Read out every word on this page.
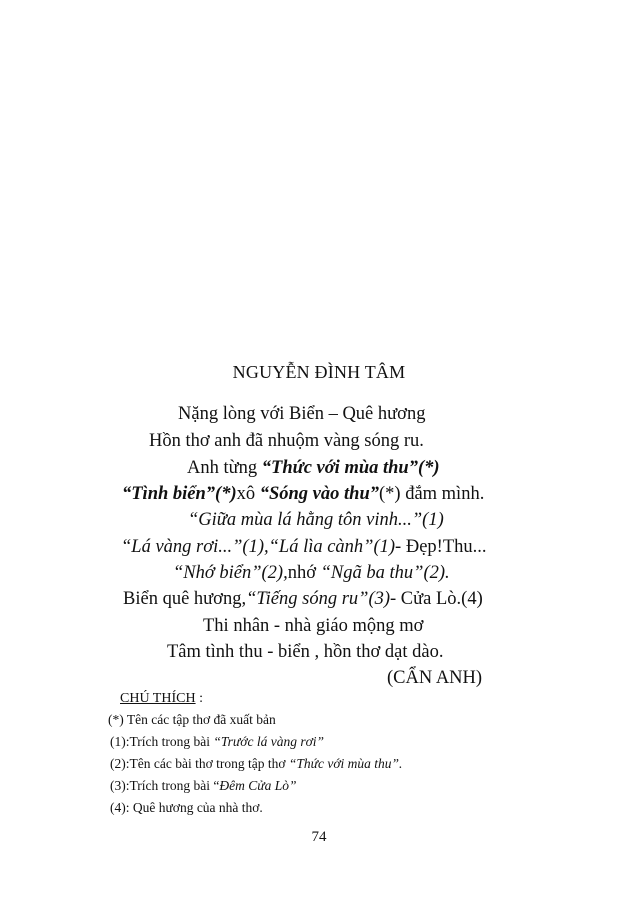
NGUYỄN ĐÌNH TÂM
Nặng lòng với Biển – Quê hương
Hồn thơ anh đã nhuộm vàng sóng ru.
Anh từng “Thức với mùa thu”(*)
“Tình biển”(*)xô “Sóng vào thu”(*) đắm mình.
“Giữa mùa lá hằng tôn vinh...”(1)
“Lá vàng rơi...”(1),“Lá lìa cành”(1)- Đẹp!Thu...
“Nhớ biển”(2),nhớ “Ngã ba thu”(2).
Biển quê hương,“Tiếng sóng ru”(3)- Cửa Lò.(4)
Thi nhân - nhà giáo mộng mơ
Tâm tình thu - biển , hồn thơ dạt dào.
(CẨN ANH)
CHÚ THÍCH :
(*) Tên các tập thơ đã xuất bản
(1):Trích trong bài “Trước lá vàng rơi”
(2):Tên các bài thơ trong tập thơ “Thức với mùa thu”.
(3):Trích trong bài “Đêm Cửa Lò”
(4): Quê hương của nhà thơ.
74
